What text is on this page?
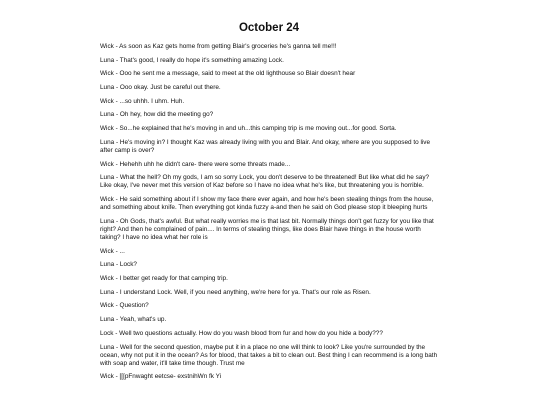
October 24

Wick - As soon as Kaz gets home from getting Blair's groceries he's ganna tell me!!!

Luna - That's good, I really do hope it's something amazing Lock.

Wick - Ooo he sent me a message, said to meet at the old lighthouse so Blair doesn't hear

Luna - Ooo okay. Just be careful out there.

Wick - ...so uhhh. I uhm. Huh.

Luna - Oh hey, how did the meeting go?

Wick - So...he explained that he's moving in and uh...this camping trip is me moving out...for good. Sorta.

Luna - He's moving in? I thought Kaz was already living with you and Blair. And okay, where are you supposed to live after camp is over?

Wick - Hehehh uhh he didn't care- there were some threats made...

Luna - What the hell? Oh my gods, I am so sorry Lock, you don't deserve to be threatened! But like what did he say? Like okay, I've never met this version of Kaz before so I have no idea what he's like, but threatening you is horrible.

Wick - He said something about if I show my face there ever again, and how he's been stealing things from the house, and something about knife. Then everything got kinda fuzzy a-and then he said oh God please stop it bleeping hurts

Luna - Oh Gods, that's awful. But what really worries me is that last bit. Normally things don't get fuzzy for you like that right? And then he complained of pain.... In terms of stealing things, like does Blair have things in the house worth taking? I have no idea what her role is

Wick - ...

Luna - Lock?

Wick - I better get ready for that camping trip.

Luna - I understand Lock. Well, if you need anything, we're here for ya. That's our role as Risen.

Wick - Question?

Luna - Yeah, what's up.

Lock - Well two questions actually. How do you wash blood from fur and how do you hide a body???

Luna - Well for the second question, maybe put it in a place no one will think to look? Like you're surrounded by the ocean, why not put it in the ocean? As for blood, that takes a bit to clean out. Best thing I can recommend is a long bath with soap and water, it'll take time though. Trust me

Wick - [[[pFnwaght eetcse- exstnihWn fk Yi
